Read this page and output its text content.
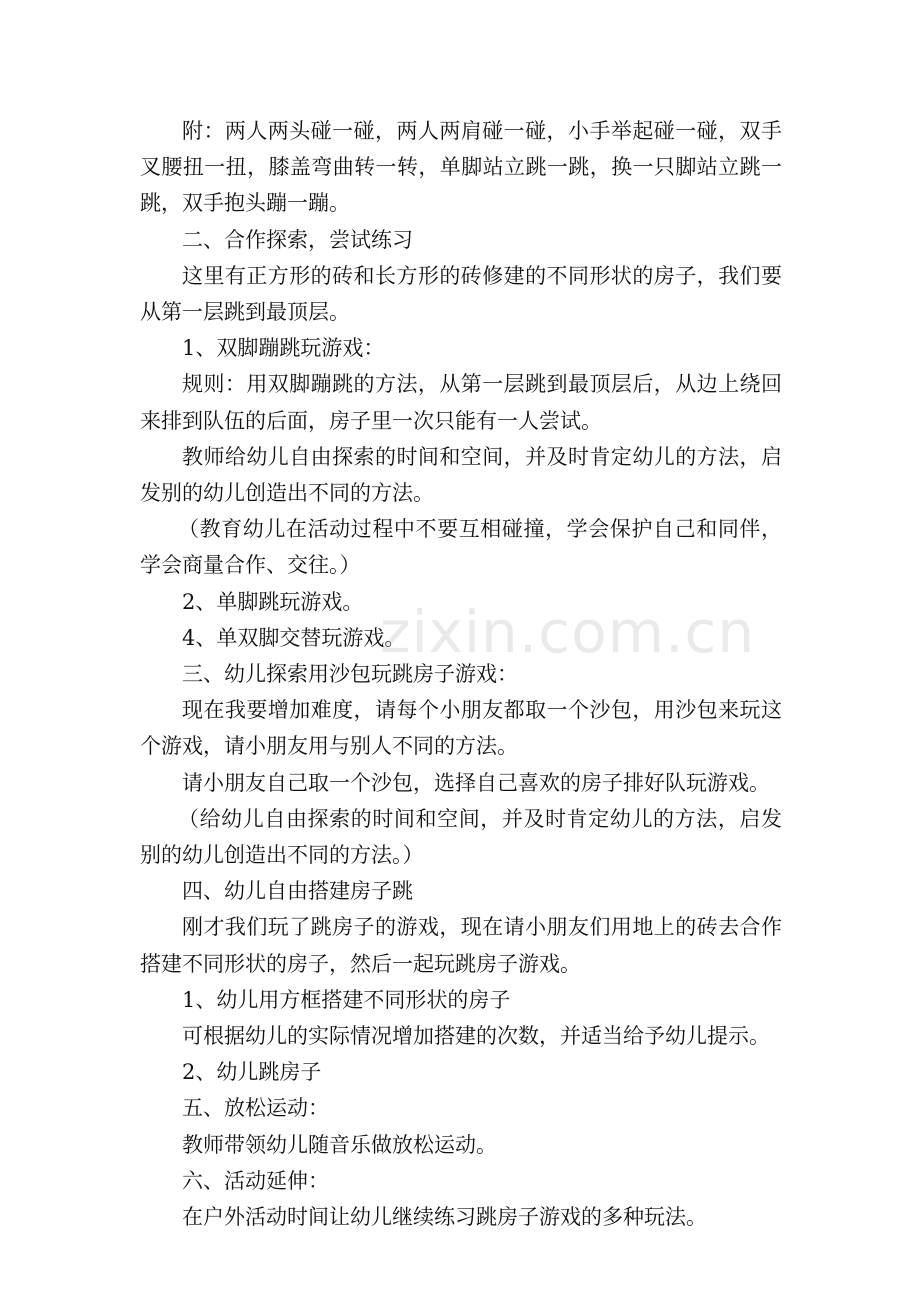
附：两人两头碰一碰，两人两肩碰一碰，小手举起碰一碰，双手叉腰扭一扭，膝盖弯曲转一转，单脚站立跳一跳，换一只脚站立跳一跳，双手抱头蹦一蹦。

二、合作探索，尝试练习

这里有正方形的砖和长方形的砖修建的不同形状的房子，我们要从第一层跳到最顶层。

1、双脚蹦跳玩游戏：

规则：用双脚蹦跳的方法，从第一层跳到最顶层后，从边上绕回来排到队伍的后面，房子里一次只能有一人尝试。

教师给幼儿自由探索的时间和空间，并及时肯定幼儿的方法，启发别的幼儿创造出不同的方法。

（教育幼儿在活动过程中不要互相碰撞，学会保护自己和同伴，学会商量合作、交往。）

2、单脚跳玩游戏。

4、单双脚交替玩游戏。

三、幼儿探索用沙包玩跳房子游戏：

现在我要增加难度，请每个小朋友都取一个沙包，用沙包来玩这个游戏，请小朋友用与别人不同的方法。

请小朋友自己取一个沙包，选择自己喜欢的房子排好队玩游戏。

（给幼儿自由探索的时间和空间，并及时肯定幼儿的方法，启发别的幼儿创造出不同的方法。）

四、幼儿自由搭建房子跳

刚才我们玩了跳房子的游戏，现在请小朋友们用地上的砖去合作搭建不同形状的房子，然后一起玩跳房子游戏。

1、幼儿用方框搭建不同形状的房子

可根据幼儿的实际情况增加搭建的次数，并适当给予幼儿提示。

2、幼儿跳房子

五、放松运动：

教师带领幼儿随音乐做放松运动。

六、活动延伸：

在户外活动时间让幼儿继续练习跳房子游戏的多种玩法。

zixin.com.cn
